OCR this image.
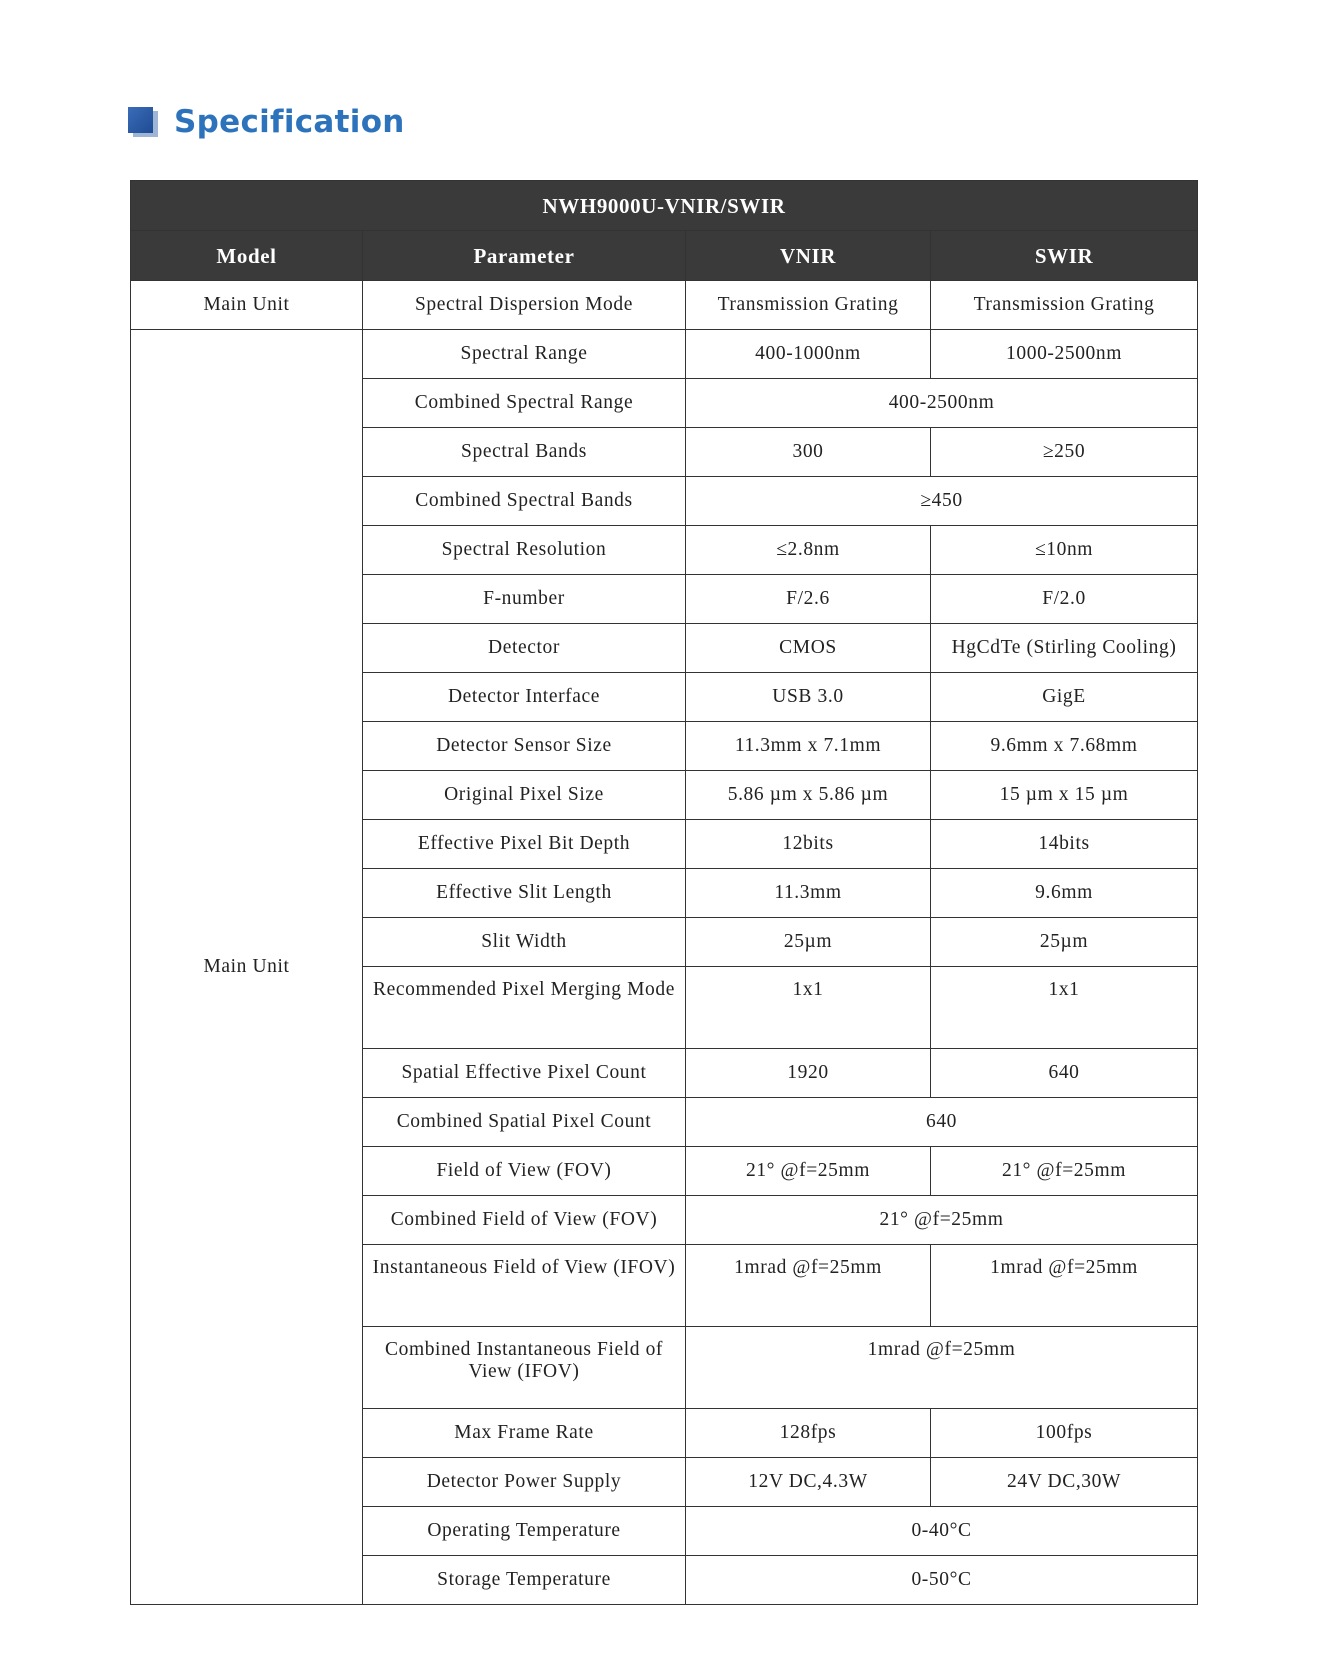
Specification
NWH9000U-VNIR/SWIR			
Model	Parameter	VNIR	SWIR
Main Unit	Spectral Dispersion Mode	Transmission Grating	Transmission Grating
Main Unit	Spectral Range	400-1000nm	1000-2500nm
	Combined Spectral Range	400-2500nm	
	Spectral Bands	300	≥250
	Combined Spectral Bands	≥450	
	Spectral Resolution	≤2.8nm	≤10nm
	F-number	F/2.6	F/2.0
	Detector	CMOS	HgCdTe (Stirling Cooling)
	Detector Interface	USB 3.0	GigE
	Detector Sensor Size	11.3mm x 7.1mm	9.6mm x 7.68mm
	Original Pixel Size	5.86 µm x 5.86 µm	15 µm x 15 µm
	Effective Pixel Bit Depth	12bits	14bits
	Effective Slit Length	11.3mm	9.6mm
	Slit Width	25µm	25µm
	Recommended Pixel Merging Mode	1x1	1x1
	Spatial Effective Pixel Count	1920	640
	Combined Spatial Pixel Count	640	
	Field of View (FOV)	21° @f=25mm	21° @f=25mm
	Combined Field of View (FOV)	21° @f=25mm	
	Instantaneous Field of View (IFOV)	1mrad @f=25mm	1mrad @f=25mm
	Combined Instantaneous Field of View (IFOV)	1mrad @f=25mm	
	Max Frame Rate	128fps	100fps
	Detector Power Supply	12V DC,4.3W	24V DC,30W
	Operating Temperature	0-40°C	
	Storage Temperature	0-50°C	
